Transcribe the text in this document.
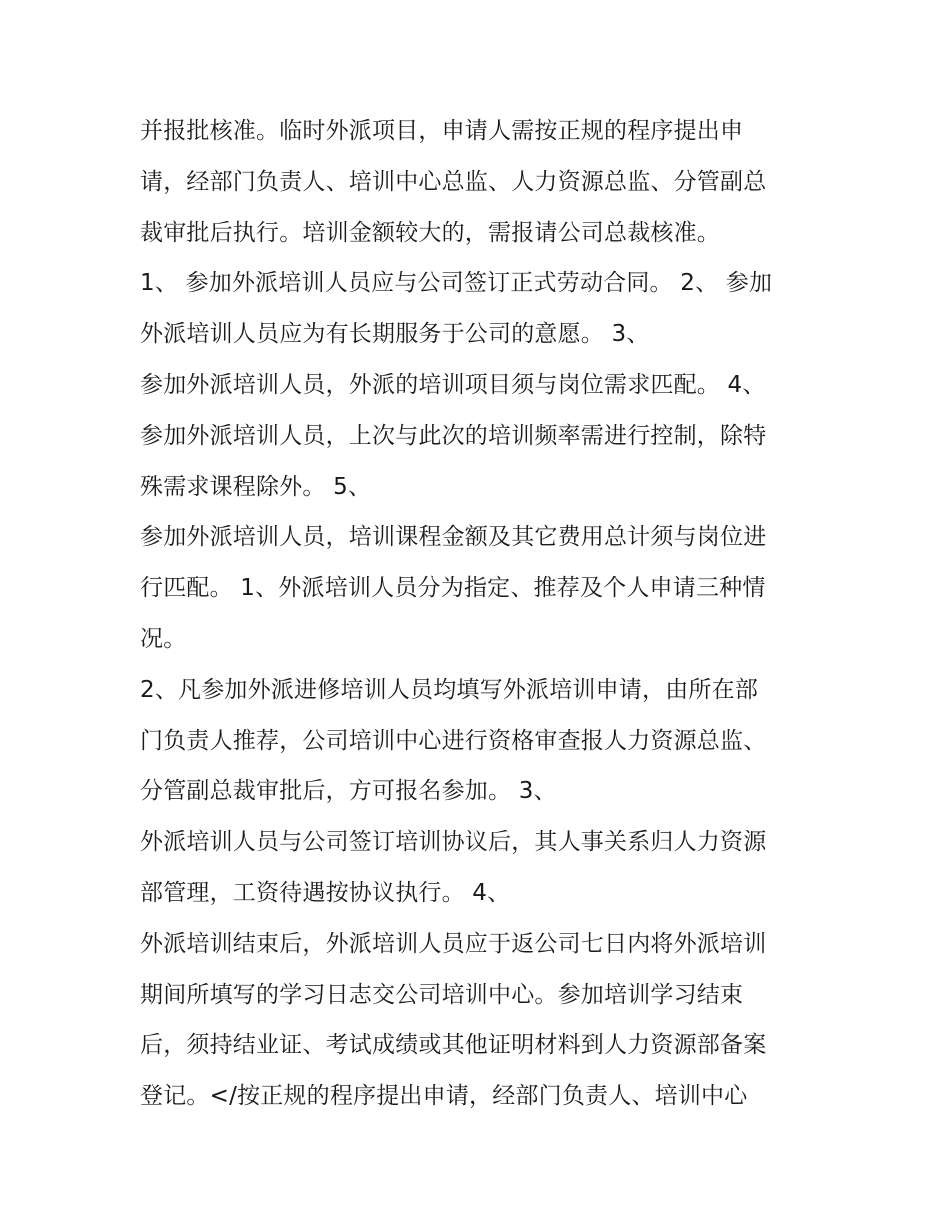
并报批核准。临时外派项目，申请人需按正规的程序提出申
请，经部门负责人、培训中心总监、人力资源总监、分管副总
裁审批后执行。培训金额较大的，需报请公司总裁核准。
1、 参加外派培训人员应与公司签订正式劳动合同。 2、 参加
外派培训人员应为有长期服务于公司的意愿。 3、
参加外派培训人员，外派的培训项目须与岗位需求匹配。 4、
参加外派培训人员，上次与此次的培训频率需进行控制，除特
殊需求课程除外。 5、
参加外派培训人员，培训课程金额及其它费用总计须与岗位进
行匹配。 1、外派培训人员分为指定、推荐及个人申请三种情
况。
2、凡参加外派进修培训人员均填写外派培训申请，由所在部
门负责人推荐，公司培训中心进行资格审查报人力资源总监、
分管副总裁审批后，方可报名参加。 3、
外派培训人员与公司签订培训协议后，其人事关系归人力资源
部管理，工资待遇按协议执行。 4、
外派培训结束后，外派培训人员应于返公司七日内将外派培训
期间所填写的学习日志交公司培训中心。参加培训学习结束
后，须持结业证、考试成绩或其他证明材料到人力资源部备案
登记。</按正规的程序提出申请，经部门负责人、培训中心
